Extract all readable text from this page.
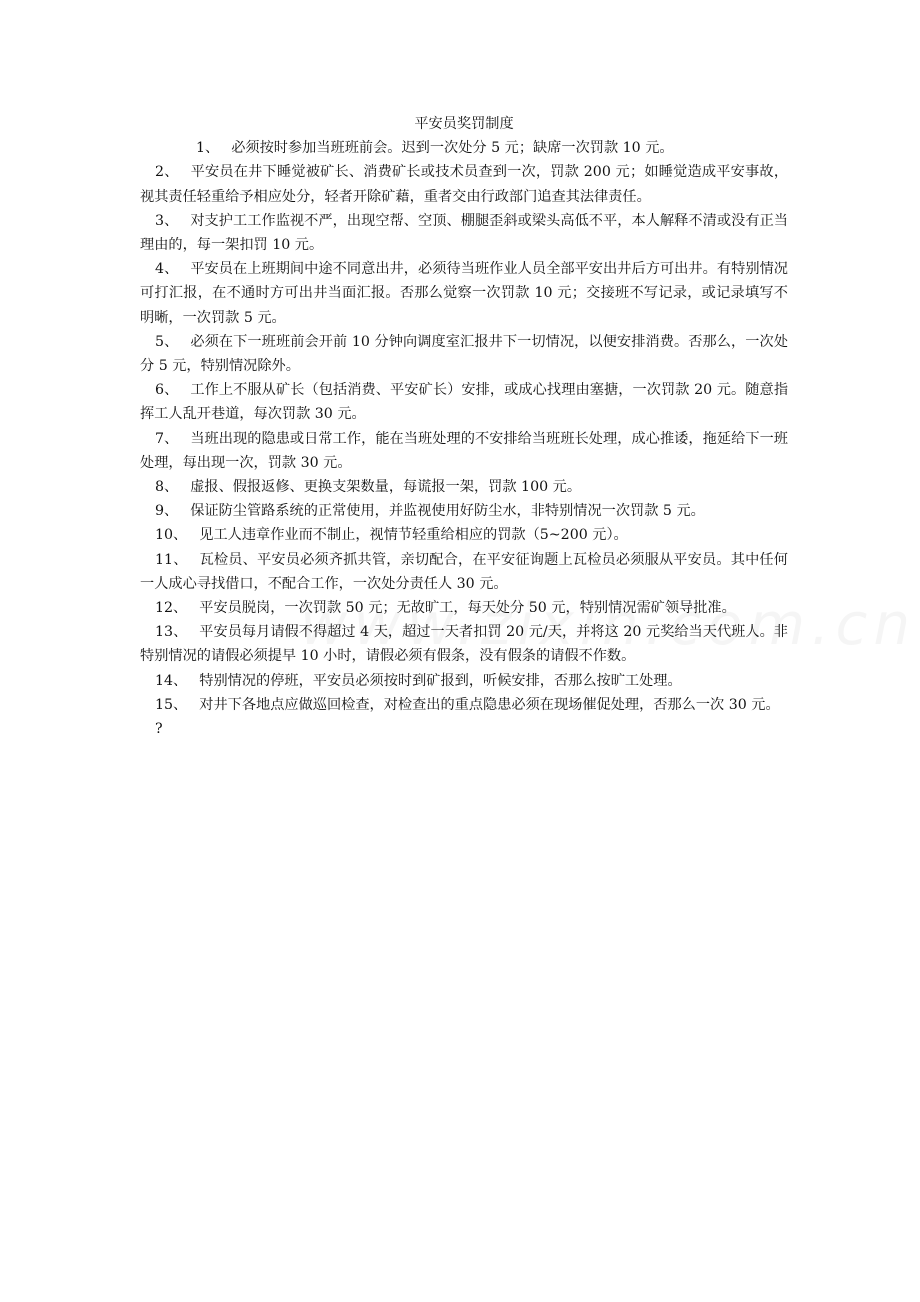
平安员奖罚制度

1、 必须按时参加当班班前会。迟到一次处分 5 元；缺席一次罚款 10 元。

2、 平安员在井下睡觉被矿长、消费矿长或技术员查到一次，罚款 200 元；如睡觉造成平安事故，视其责任轻重给予相应处分，轻者开除矿藉，重者交由行政部门追查其法律责任。

3、 对支护工工作监视不严，出现空帮、空顶、棚腿歪斜或梁头高低不平，本人解释不清或没有正当理由的，每一架扣罚 10 元。

4、 平安员在上班期间中途不同意出井，必须待当班作业人员全部平安出井后方可出井。有特别情况可打汇报，在不通时方可出井当面汇报。否那么觉察一次罚款 10 元；交接班不写记录，或记录填写不明晰，一次罚款 5 元。

5、 必须在下一班班前会开前 10 分钟向调度室汇报井下一切情况，以便安排消费。否那么，一次处分 5 元，特别情况除外。

6、 工作上不服从矿长（包括消费、平安矿长）安排，或成心找理由塞搪，一次罚款 20 元。随意指挥工人乱开巷道，每次罚款 30 元。

7、 当班出现的隐患或日常工作，能在当班处理的不安排给当班班长处理，成心推诿，拖延给下一班处理，每出现一次，罚款 30 元。

8、 虚报、假报返修、更换支架数量，每谎报一架，罚款 100 元。

9、 保证防尘管路系统的正常使用，并监视使用好防尘水，非特别情况一次罚款 5 元。

10、 见工人违章作业而不制止，视情节轻重给相应的罚款（5~200 元）。

11、 瓦检员、平安员必须齐抓共管，亲切配合，在平安征询题上瓦检员必须服从平安员。其中任何一人成心寻找借口，不配合工作，一次处分责任人 30 元。

12、 平安员脱岗，一次罚款 50 元；无故旷工，每天处分 50 元，特别情况需矿领导批准。

13、 平安员每月请假不得超过 4 天，超过一天者扣罚 20 元/天，并将这 20 元奖给当天代班人。非特别情况的请假必须提早 10 小时，请假必须有假条，没有假条的请假不作数。

14、 特别情况的停班，平安员必须按时到矿报到，听候安排，否那么按旷工处理。

15、 对井下各地点应做巡回检查，对检查出的重点隐患必须在现场催促处理，否那么一次 30 元。

?
